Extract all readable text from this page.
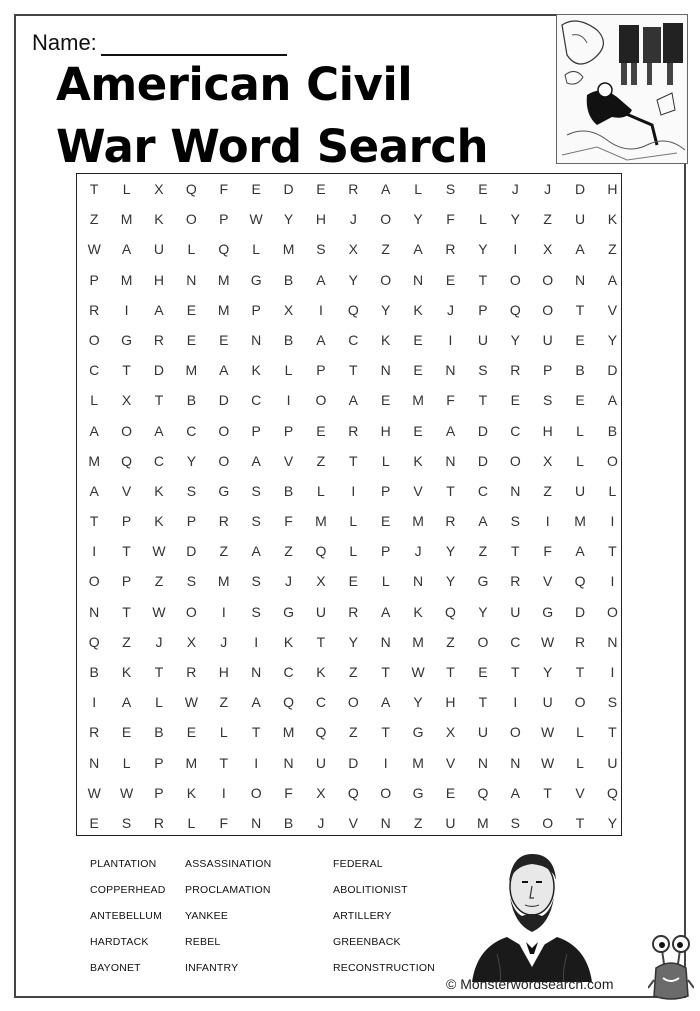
Name:
American Civil
War Word Search
T	L	X	Q	F	E	D	E	R	A	L	S	E	J	J	D	H
Z	M	K	O	P	W	Y	H	J	O	Y	F	L	Y	Z	U	K
W	A	U	L	Q	L	M	S	X	Z	A	R	Y	I	X	A	Z
P	M	H	N	M	G	B	A	Y	O	N	E	T	O	O	N	A
R	I	A	E	M	P	X	I	Q	Y	K	J	P	Q	O	T	V
O	G	R	E	E	N	B	A	C	K	E	I	U	Y	U	E	Y
C	T	D	M	A	K	L	P	T	N	E	N	S	R	P	B	D
L	X	T	B	D	C	I	O	A	E	M	F	T	E	S	E	A
A	O	A	C	O	P	P	E	R	H	E	A	D	C	H	L	B
M	Q	C	Y	O	A	V	Z	T	L	K	N	D	O	X	L	O
A	V	K	S	G	S	B	L	I	P	V	T	C	N	Z	U	L
T	P	K	P	R	S	F	M	L	E	M	R	A	S	I	M	I
I	T	W	D	Z	A	Z	Q	L	P	J	Y	Z	T	F	A	T
O	P	Z	S	M	S	J	X	E	L	N	Y	G	R	V	Q	I
N	T	W	O	I	S	G	U	R	A	K	Q	Y	U	G	D	O
Q	Z	J	X	J	I	K	T	Y	N	M	Z	O	C	W	R	N
B	K	T	R	H	N	C	K	Z	T	W	T	E	T	Y	T	I
I	A	L	W	Z	A	Q	C	O	A	Y	H	T	I	U	O	S
R	E	B	E	L	T	M	Q	Z	T	G	X	U	O	W	L	T
N	L	P	M	T	I	N	U	D	I	M	V	N	N	W	L	U
W	W	P	K	I	O	F	X	Q	O	G	E	Q	A	T	V	Q
E	S	R	L	F	N	B	J	V	N	Z	U	M	S	O	T	Y
PLANTATION
COPPERHEAD
ANTEBELLUM
HARDTACK
BAYONET
ASSASSINATION
PROCLAMATION
YANKEE
REBEL
INFANTRY
FEDERAL
ABOLITIONIST
ARTILLERY
GREENBACK
RECONSTRUCTION
© Monsterwordsearch.com
